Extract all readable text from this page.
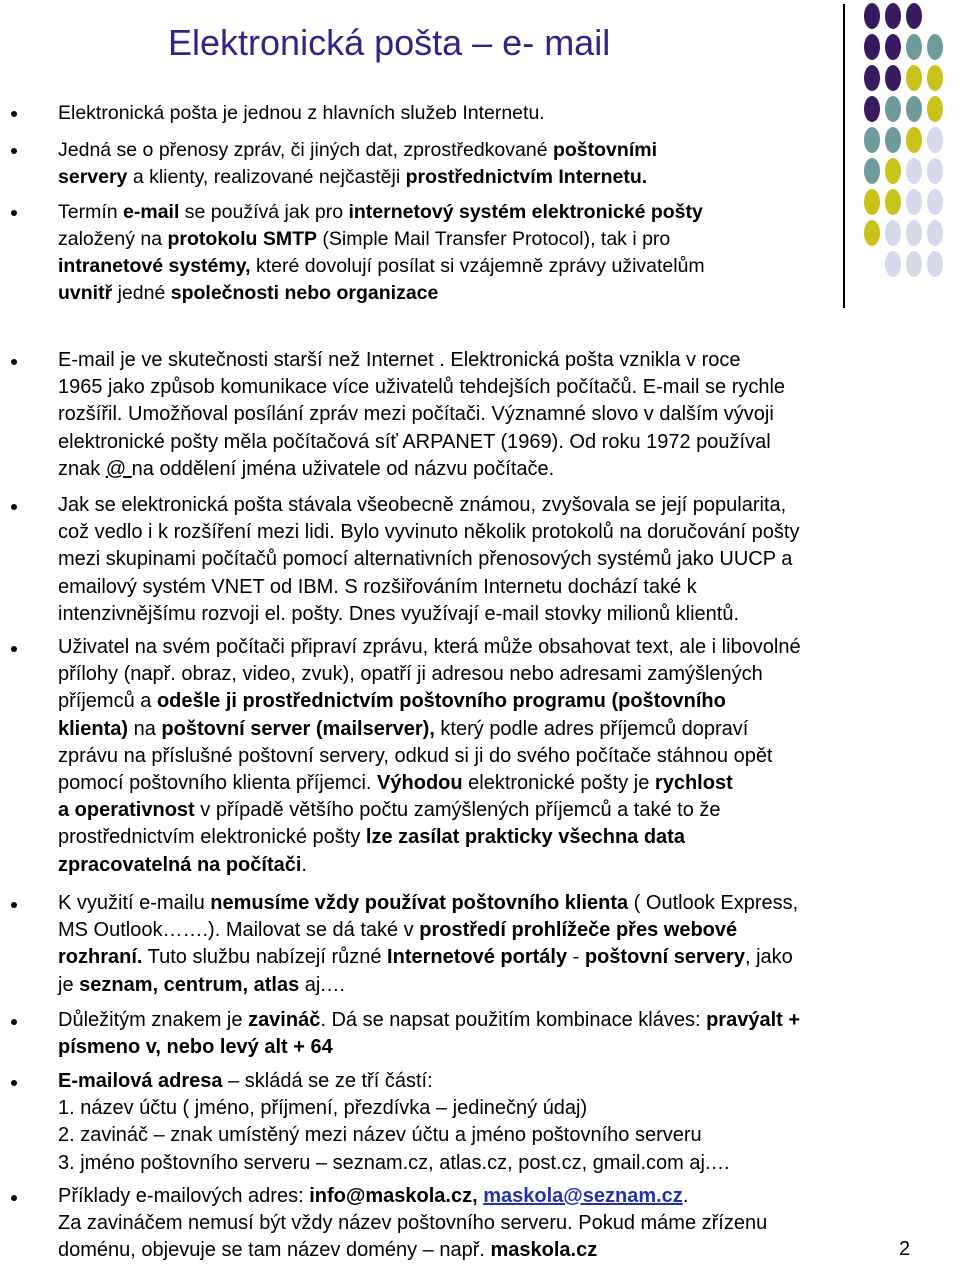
Elektronická pošta – e- mail
Elektronická pošta je jednou z hlavních služeb Internetu.
Jedná se o přenosy zpráv, či jiných dat, zprostředkované poštovními
servery a klienty, realizované nejčastěji prostřednictvím Internetu.
Termín e-mail se používá jak pro internetový systém elektronické pošty
založený na protokolu SMTP (Simple Mail Transfer Protocol), tak i pro
intranetové systémy, které dovolují posílat si vzájemně zprávy uživatelům
uvnitř jedné společnosti nebo organizace
E-mail je ve skutečnosti starší než Internet . Elektronická pošta vznikla v roce
1965 jako způsob komunikace více uživatelů tehdejších počítačů. E-mail se rychle
rozšířil. Umožňoval posílání zpráv mezi počítači. Významné slovo v dalším vývoji
elektronické pošty měla počítačová síť ARPANET (1969). Od roku 1972 používal
znak @ na oddělení jména uživatele od názvu počítače.
Jak se elektronická pošta stávala všeobecně známou, zvyšovala se její popularita,
což vedlo i k rozšíření mezi lidi. Bylo vyvinuto několik protokolů na doručování pošty
mezi skupinami počítačů pomocí alternativních přenosových systémů jako UUCP a
emailový systém VNET od IBM. S rozšiřováním Internetu dochází také k
intenzivnějšímu rozvoji el. pošty. Dnes využívají e-mail stovky milionů klientů.
Uživatel na svém počítači připraví zprávu, která může obsahovat text, ale i libovolné
přílohy (např. obraz, video, zvuk), opatří ji adresou nebo adresami zamýšlených
příjemců a odešle ji prostřednictvím poštovního programu (poštovního
klienta) na poštovní server (mailserver), který podle adres příjemců dopraví
zprávu na příslušné poštovní servery, odkud si ji do svého počítače stáhnou opět
pomocí poštovního klienta příjemci. Výhodou elektronické pošty je rychlost
a operativnost v případě většího počtu zamýšlených příjemců a také to že
prostřednictvím elektronické pošty lze zasílat prakticky všechna data
zpracovatelná na počítači.
K využití e-mailu nemusíme vždy používat poštovního klienta ( Outlook Express,
MS Outlook…….). Mailovat se dá také v prostředí prohlížeče přes webové
rozhraní. Tuto službu nabízejí různé Internetové portály - poštovní servery, jako
je seznam, centrum, atlas aj.…
Důležitým znakem je zavináč. Dá se napsat použitím kombinace kláves: pravýalt +
písmeno v, nebo levý alt + 64
E-mailová adresa – skládá se ze tří částí:
1. název účtu ( jméno, příjmení, přezdívka – jedinečný údaj)
2. zavináč – znak umístěný mezi název účtu a jméno poštovního serveru
3. jméno poštovního serveru – seznam.cz, atlas.cz, post.cz, gmail.com aj.…
Příklady e-mailových adres: info@maskola.cz, maskola@seznam.cz.
Za zavináčem nemusí být vždy název poštovního serveru. Pokud máme zřízenu
doménu, objevuje se tam název domény – např. maskola.cz	2
